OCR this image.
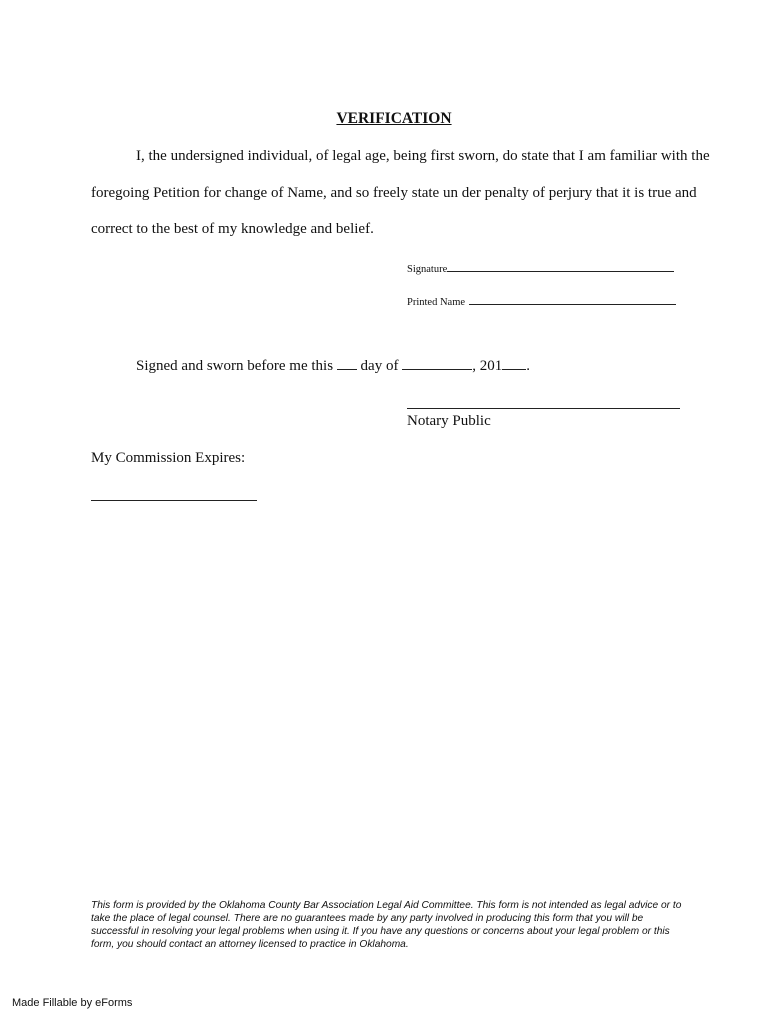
VERIFICATION
I, the undersigned individual, of legal age, being first sworn, do state that I am familiar with the
foregoing Petition for change of Name, and so freely state un der penalty of perjury that it is true and
correct to the best of my knowledge and belief.
Signature
Printed Name
Signed and sworn before me this day of	, 201 .
Notary Public
My Commission Expires:
This form is provided by the Oklahoma County Bar Association Legal Aid Committee. This form is not intended as legal advice or to take the place of legal counsel. There are no guarantees made by any party involved in producing this form that you will be successful in resolving your legal problems when using it. If you have any questions or concerns about your legal problem or this form, you should contact an attorney licensed to practice in Oklahoma.
Made Fillable by eForms
